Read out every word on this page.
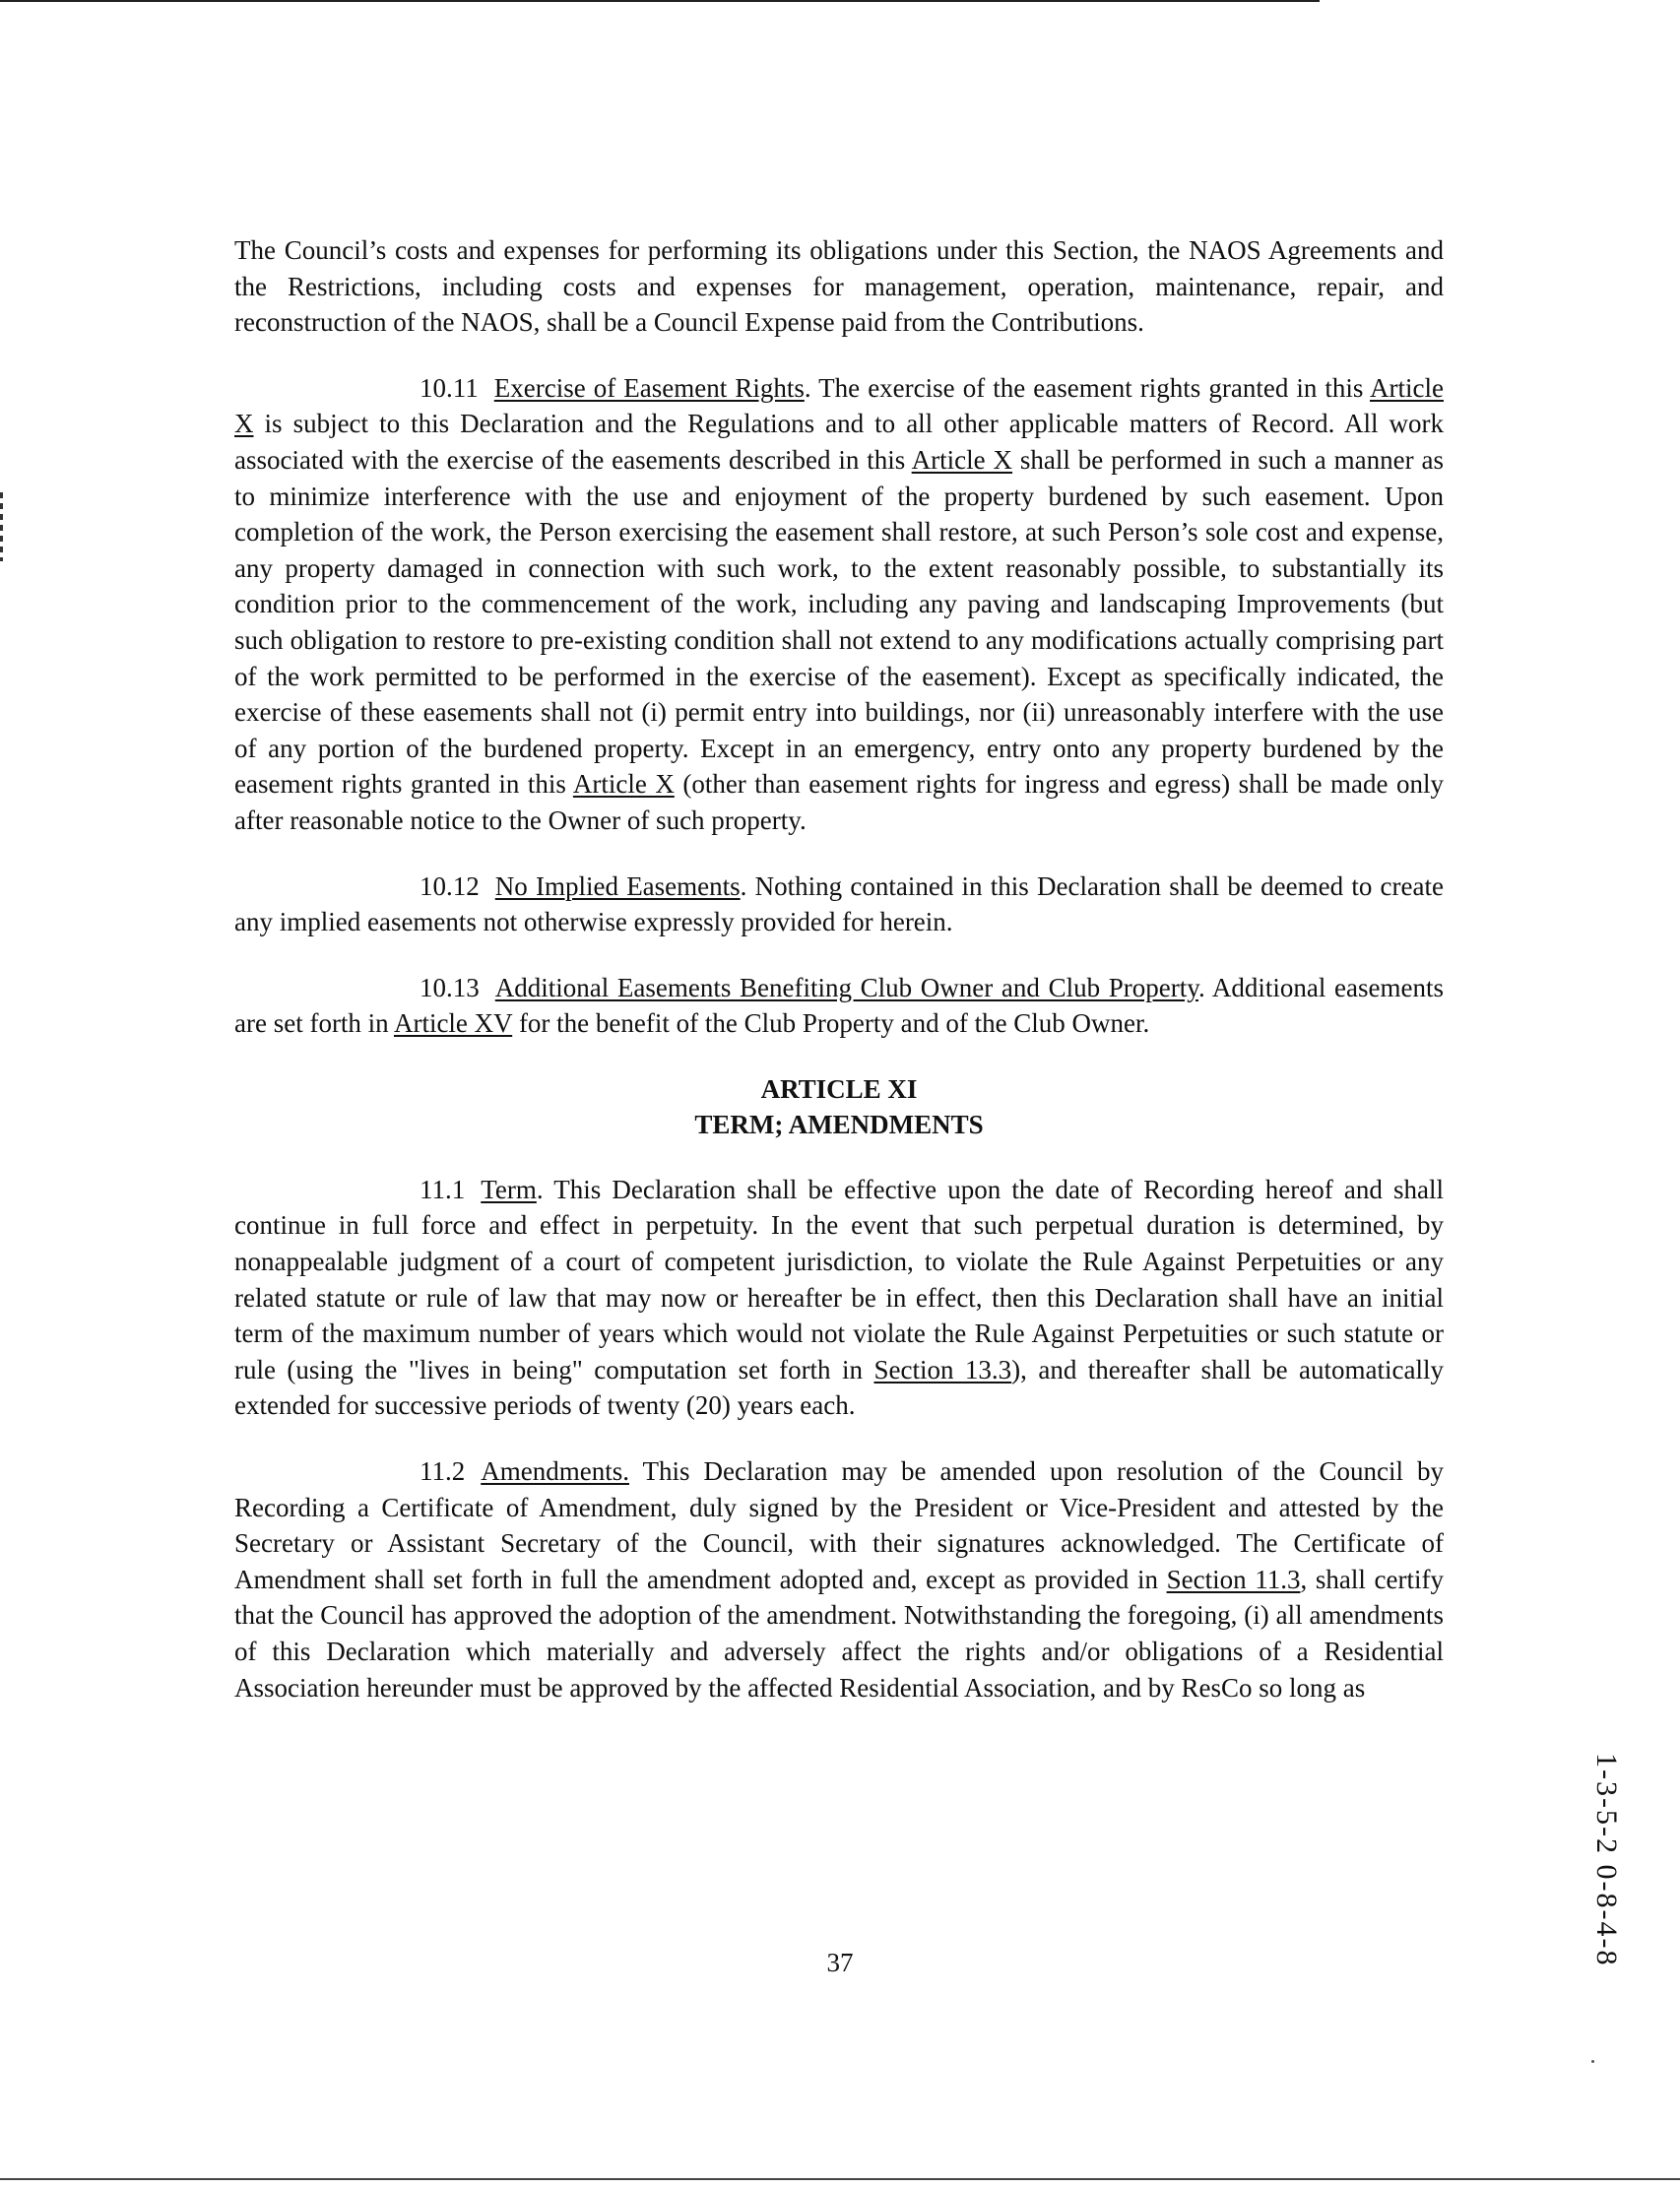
The Council’s costs and expenses for performing its obligations under this Section, the NAOS Agreements and the Restrictions, including costs and expenses for management, operation, maintenance, repair, and reconstruction of the NAOS, shall be a Council Expense paid from the Contributions.

10.11 Exercise of Easement Rights. The exercise of the easement rights granted in this Article X is subject to this Declaration and the Regulations and to all other applicable matters of Record. All work associated with the exercise of the easements described in this Article X shall be performed in such a manner as to minimize interference with the use and enjoyment of the property burdened by such easement. Upon completion of the work, the Person exercising the easement shall restore, at such Person’s sole cost and expense, any property damaged in connection with such work, to the extent reasonably possible, to substantially its condition prior to the commencement of the work, including any paving and landscaping Improvements (but such obligation to restore to pre-existing condition shall not extend to any modifications actually comprising part of the work permitted to be performed in the exercise of the easement). Except as specifically indicated, the exercise of these easements shall not (i) permit entry into buildings, nor (ii) unreasonably interfere with the use of any portion of the burdened property. Except in an emergency, entry onto any property burdened by the easement rights granted in this Article X (other than easement rights for ingress and egress) shall be made only after reasonable notice to the Owner of such property.

10.12 No Implied Easements. Nothing contained in this Declaration shall be deemed to create any implied easements not otherwise expressly provided for herein.

10.13 Additional Easements Benefiting Club Owner and Club Property. Additional easements are set forth in Article XV for the benefit of the Club Property and of the Club Owner.

ARTICLE XI
TERM; AMENDMENTS

11.1 Term. This Declaration shall be effective upon the date of Recording hereof and shall continue in full force and effect in perpetuity. In the event that such perpetual duration is determined, by nonappealable judgment of a court of competent jurisdiction, to violate the Rule Against Perpetuities or any related statute or rule of law that may now or hereafter be in effect, then this Declaration shall have an initial term of the maximum number of years which would not violate the Rule Against Perpetuities or such statute or rule (using the "lives in being" computation set forth in Section 13.3), and thereafter shall be automatically extended for successive periods of twenty (20) years each.

11.2 Amendments. This Declaration may be amended upon resolution of the Council by Recording a Certificate of Amendment, duly signed by the President or Vice-President and attested by the Secretary or Assistant Secretary of the Council, with their signatures acknowledged. The Certificate of Amendment shall set forth in full the amendment adopted and, except as provided in Section 11.3, shall certify that the Council has approved the adoption of the amendment. Notwithstanding the foregoing, (i) all amendments of this Declaration which materially and adversely affect the rights and/or obligations of a Residential Association hereunder must be approved by the affected Residential Association, and by ResCo so long as

37	1-3-5-2 0-8-4-8
